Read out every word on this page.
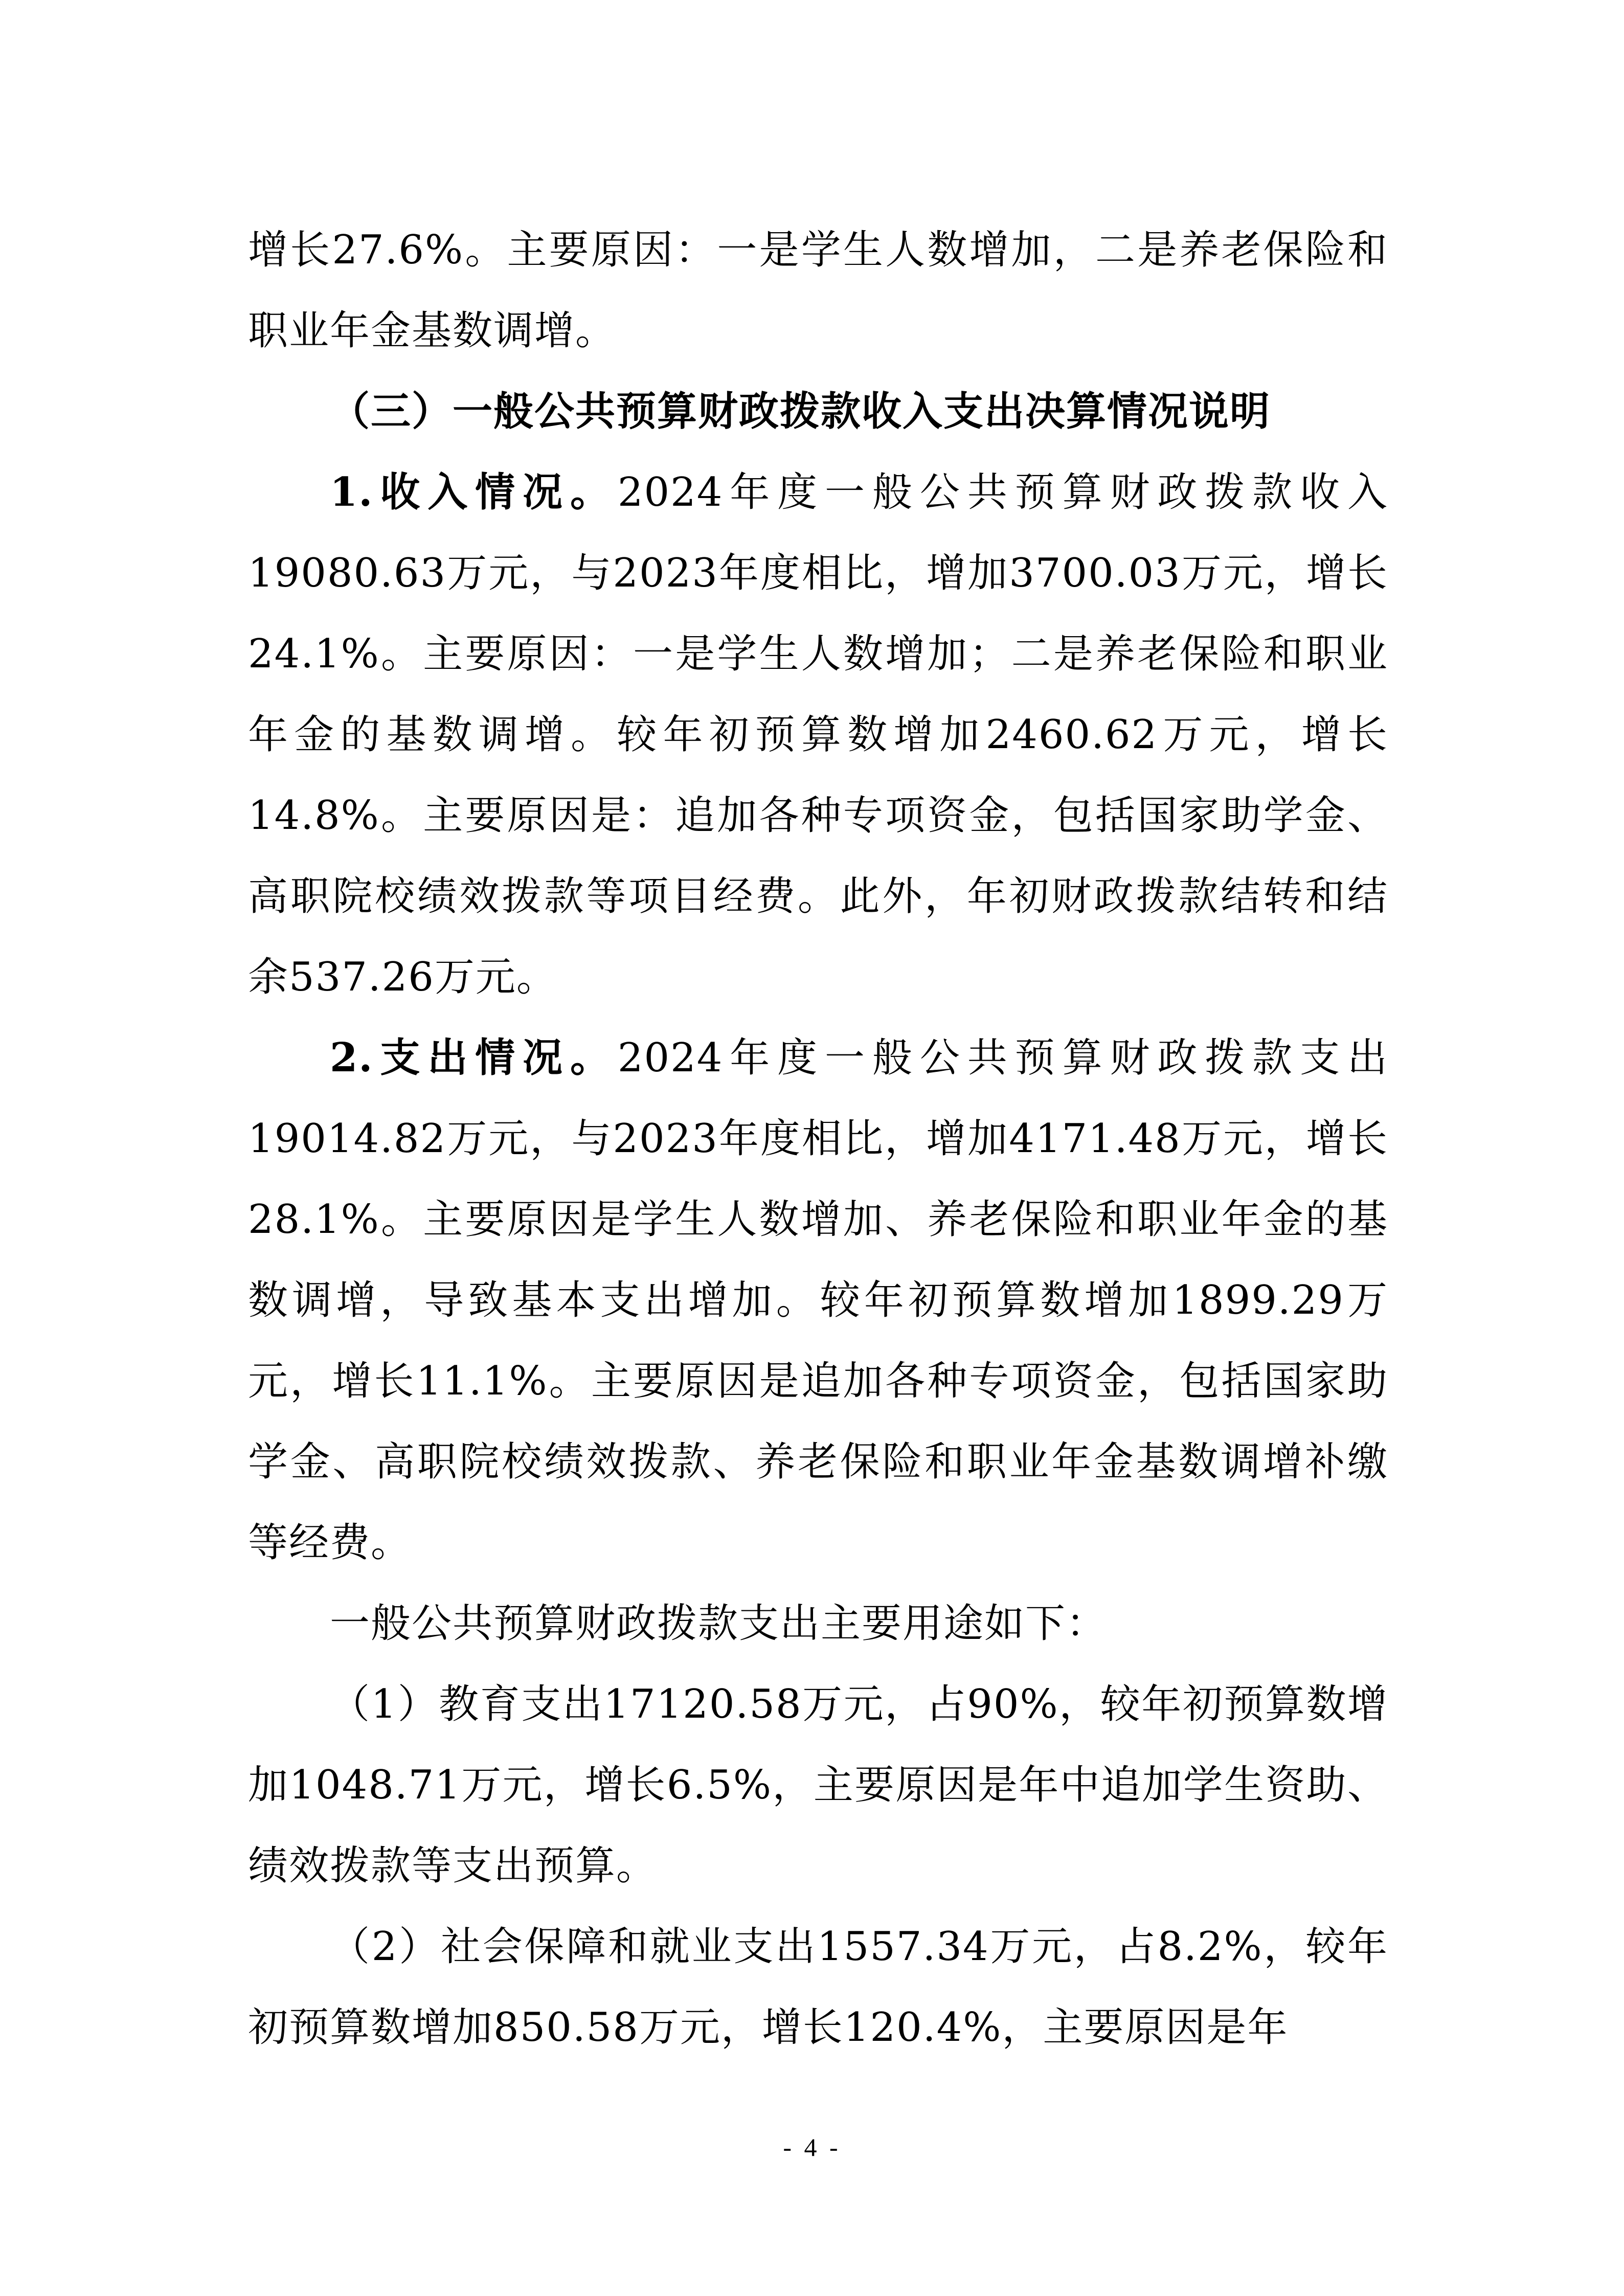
增长27.6%。主要原因：一是学生人数增加，二是养老保险和职业年金基数调增。

（三）一般公共预算财政拨款收入支出决算情况说明

1.收入情况。2024年度一般公共预算财政拨款收入19080.63万元，与2023年度相比，增加3700.03万元，增长24.1%。主要原因：一是学生人数增加；二是养老保险和职业年金的基数调增。较年初预算数增加2460.62万元，增长14.8%。主要原因是：追加各种专项资金，包括国家助学金、高职院校绩效拨款等项目经费。此外，年初财政拨款结转和结余537.26万元。

2.支出情况。2024年度一般公共预算财政拨款支出19014.82万元，与2023年度相比，增加4171.48万元，增长28.1%。主要原因是学生人数增加、养老保险和职业年金的基数调增，导致基本支出增加。较年初预算数增加1899.29万元，增长11.1%。主要原因是追加各种专项资金，包括国家助学金、高职院校绩效拨款、养老保险和职业年金基数调增补缴等经费。

一般公共预算财政拨款支出主要用途如下：

（1）教育支出17120.58万元，占90%，较年初预算数增加1048.71万元，增长6.5%，主要原因是年中追加学生资助、绩效拨款等支出预算。

（2）社会保障和就业支出1557.34万元，占8.2%，较年初预算数增加850.58万元，增长120.4%，主要原因是年

- 4 -
